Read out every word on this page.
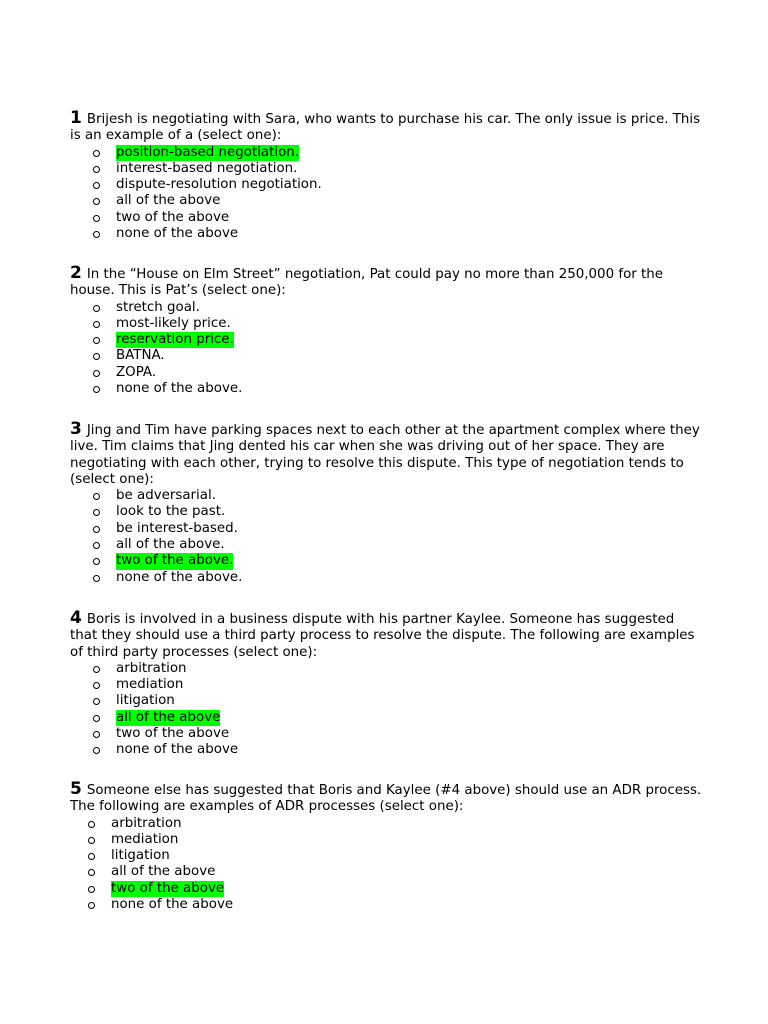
1 Brijesh is negotiating with Sara, who wants to purchase his car. The only issue is price. This is an example of a (select one):

position-based negotiation.
interest-based negotiation.
dispute-resolution negotiation.
all of the above
two of the above
none of the above

2 In the “House on Elm Street” negotiation, Pat could pay no more than 250,000 for the house. This is Pat’s (select one):

stretch goal.
most-likely price.
reservation price.
BATNA.
ZOPA.
none of the above.

3 Jing and Tim have parking spaces next to each other at the apartment complex where they live. Tim claims that Jing dented his car when she was driving out of her space. They are negotiating with each other, trying to resolve this dispute. This type of negotiation tends to (select one):

be adversarial.
look to the past.
be interest-based.
all of the above.
two of the above.
none of the above.

4 Boris is involved in a business dispute with his partner Kaylee. Someone has suggested that they should use a third party process to resolve the dispute. The following are examples of third party processes (select one):

arbitration
mediation
litigation
all of the above
two of the above
none of the above

5 Someone else has suggested that Boris and Kaylee (#4 above) should use an ADR process. The following are examples of ADR processes (select one):

arbitration
mediation
litigation
all of the above
two of the above
none of the above
